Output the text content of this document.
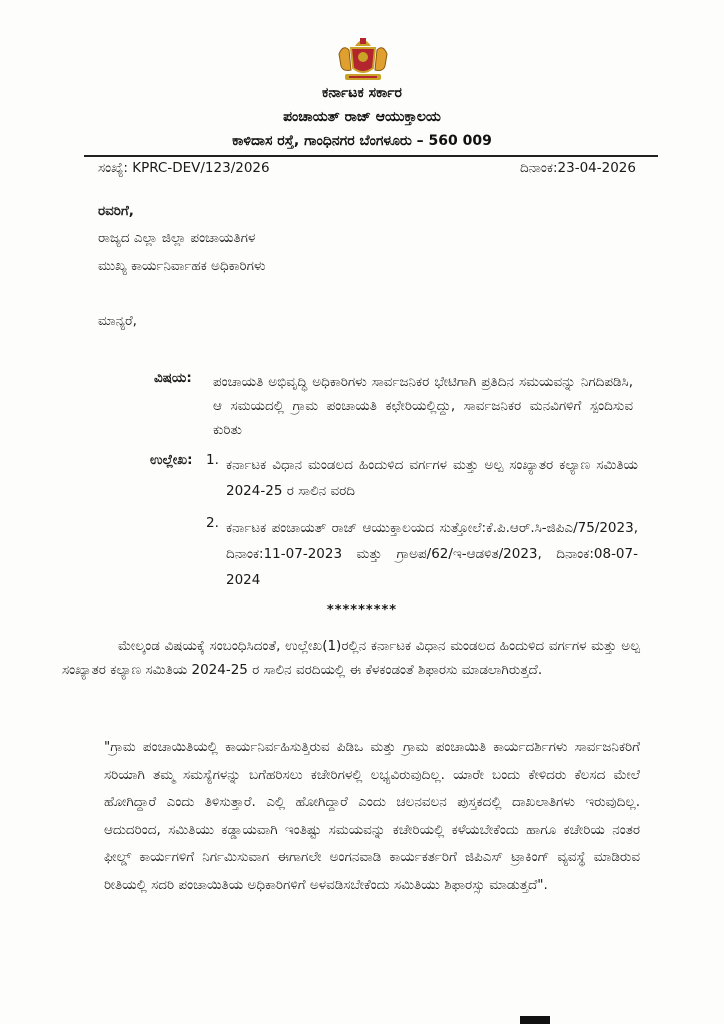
ಕರ್ನಾಟಕ ಸರ್ಕಾರ
ಪಂಚಾಯತ್ ರಾಜ್ ಆಯುಕ್ತಾಲಯ
ಕಾಳಿದಾಸ ರಸ್ತೆ, ಗಾಂಧಿನಗರ ಬೆಂಗಳೂರು – 560 009
ಸಂಖ್ಯೆ: KPRC-DEV/123/2026	ದಿನಾಂಕ:23-04-2026
ರವರಿಗೆ,
ರಾಜ್ಯದ ಎಲ್ಲಾ ಜಿಲ್ಲಾ ಪಂಚಾಯತಿಗಳ
ಮುಖ್ಯ ಕಾರ್ಯನಿರ್ವಾಹಕ ಅಧಿಕಾರಿಗಳು
ಮಾನ್ಯರೆ,
ವಿಷಯ: ಪಂಚಾಯತಿ ಅಭಿವೃದ್ಧಿ ಅಧಿಕಾರಿಗಳು ಸಾರ್ವಜನಿಕರ ಭೇಟಿಗಾಗಿ ಪ್ರತಿದಿನ ಸಮಯವನ್ನು ನಿಗದಿಪಡಿಸಿ, ಆ ಸಮಯದಲ್ಲಿ ಗ್ರಾಮ ಪಂಚಾಯತಿ ಕಛೇರಿಯಲ್ಲಿದ್ದು, ಸಾರ್ವಜನಿಕರ ಮನವಿಗಳಿಗೆ ಸ್ಪಂದಿಸುವ ಕುರಿತು
ಉಲ್ಲೇಖ: 1. ಕರ್ನಾಟಕ ವಿಧಾನ ಮಂಡಲದ ಹಿಂದುಳಿದ ವರ್ಗಗಳ ಮತ್ತು ಅಲ್ಪ ಸಂಖ್ಯಾತರ ಕಲ್ಯಾಣ ಸಮಿತಿಯ 2024-25 ರ ಸಾಲಿನ ವರದಿ
2. ಕರ್ನಾಟಕ ಪಂಚಾಯತ್ ರಾಜ್ ಆಯುಕ್ತಾಲಯದ ಸುತ್ತೋಲೆ:ಕೆ.ಪಿ.ಆರ್.ಸಿ-ಜಿಪಿಎ/75/2023, ದಿನಾಂಕ:11-07-2023 ಮತ್ತು ಗ್ರಾಅಪ/62/ಇ-ಆಡಳಿತ/2023, ದಿನಾಂಕ:08-07-2024
*********
ಮೇಲ್ಕಂಡ ವಿಷಯಕ್ಕೆ ಸಂಬಂಧಿಸಿದಂತೆ, ಉಲ್ಲೇಖ(1)ರಲ್ಲಿನ ಕರ್ನಾಟಕ ವಿಧಾನ ಮಂಡಲದ ಹಿಂದುಳಿದ ವರ್ಗಗಳ ಮತ್ತು ಅಲ್ಪ ಸಂಖ್ಯಾತರ ಕಲ್ಯಾಣ ಸಮಿತಿಯ 2024-25 ರ ಸಾಲಿನ ವರದಿಯಲ್ಲಿ ಈ ಕೆಳಕಂಡಂತೆ ಶಿಫಾರಸು ಮಾಡಲಾಗಿರುತ್ತದೆ.
"ಗ್ರಾಮ ಪಂಚಾಯಿತಿಯಲ್ಲಿ ಕಾರ್ಯನಿರ್ವಹಿಸುತ್ತಿರುವ ಪಿಡಿಒ ಮತ್ತು ಗ್ರಾಮ ಪಂಚಾಯಿತಿ ಕಾರ್ಯದರ್ಶಿಗಳು ಸಾರ್ವಜನಿಕರಿಗೆ ಸರಿಯಾಗಿ ತಮ್ಮ ಸಮಸ್ಯೆಗಳನ್ನು ಬಗೆಹರಿಸಲು ಕಚೇರಿಗಳಲ್ಲಿ ಲಭ್ಯವಿರುವುದಿಲ್ಲ. ಯಾರೇ ಬಂದು ಕೇಳಿದರು ಕೆಲಸದ ಮೇಲೆ ಹೋಗಿದ್ದಾರೆ ಎಂದು ತಿಳಿಸುತ್ತಾರೆ. ಎಲ್ಲಿ ಹೋಗಿದ್ದಾರೆ ಎಂದು ಚಲನವಲನ ಪುಸ್ತಕದಲ್ಲಿ ದಾಖಲಾತಿಗಳು ಇರುವುದಿಲ್ಲ. ಆದುದರಿಂದ, ಸಮಿತಿಯು ಕಡ್ಡಾಯವಾಗಿ ಇಂತಿಷ್ಟು ಸಮಯವನ್ನು ಕಚೇರಿಯಲ್ಲಿ ಕಳೆಯಬೇಕೆಂದು ಹಾಗೂ ಕಚೇರಿಯ ನಂತರ ಫೀಲ್ಡ್ ಕಾರ್ಯಗಳಿಗೆ ನಿರ್ಗಮಿಸುವಾಗ ಈಗಾಗಲೇ ಅಂಗನವಾಡಿ ಕಾರ್ಯಕರ್ತರಿಗೆ ಜಿಪಿಎಸ್ ಟ್ರಾಕಿಂಗ್ ವ್ಯವಸ್ಥೆ ಮಾಡಿರುವ ರೀತಿಯಲ್ಲಿ ಸದರಿ ಪಂಚಾಯಿತಿಯ ಅಧಿಕಾರಿಗಳಿಗೆ ಅಳವಡಿಸಬೇಕೆಂದು ಸಮಿತಿಯು ಶಿಫಾರಸ್ಸು ಮಾಡುತ್ತದೆ".
